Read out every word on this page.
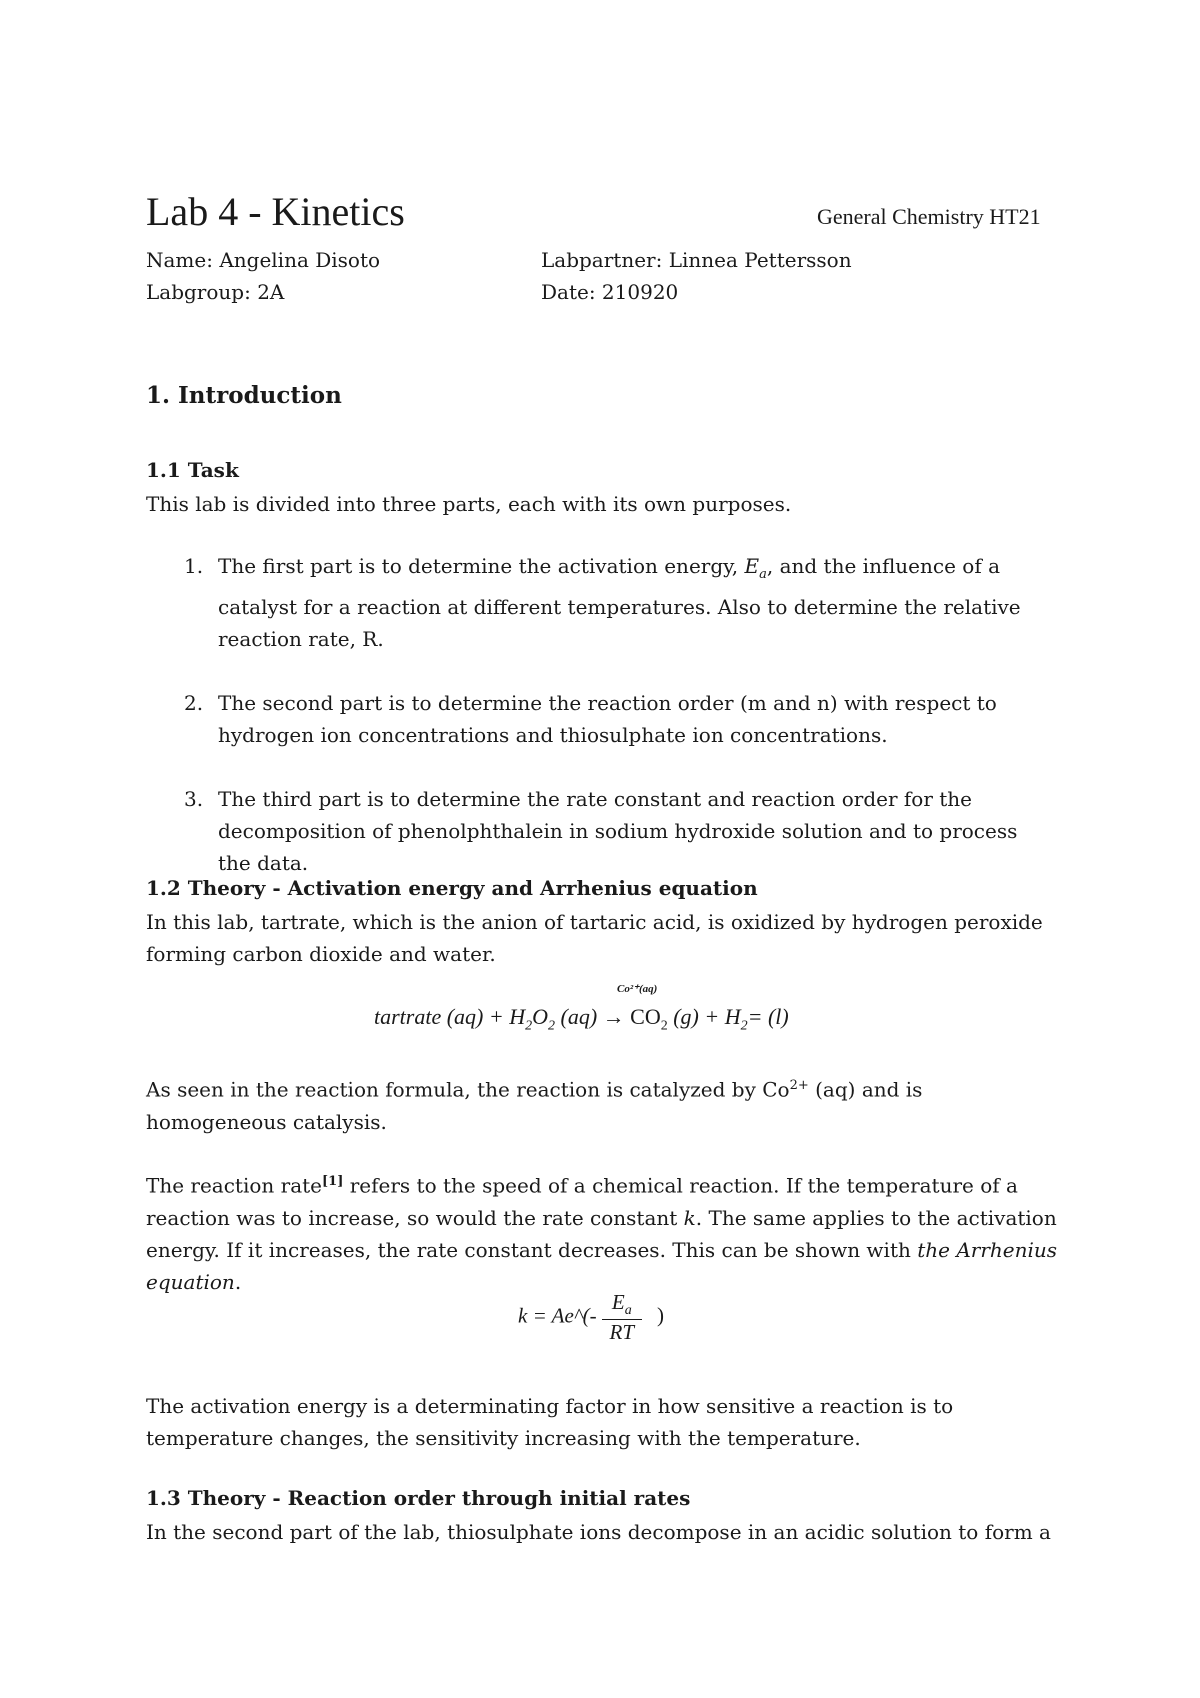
Lab 4 - Kinetics	General Chemistry HT21
Name: Angelina Disoto	Labpartner: Linnea Pettersson
Labgroup: 2A	Date: 210920
1. Introduction
1.1 Task
This lab is divided into three parts, each with its own purposes.
1. The first part is to determine the activation energy, $E_a$, and the influence of a catalyst for a reaction at different temperatures. Also to determine the relative reaction rate, R.
2. The second part is to determine the reaction order (m and n) with respect to hydrogen ion concentrations and thiosulphate ion concentrations.
3. The third part is to determine the rate constant and reaction order for the decomposition of phenolphthalein in sodium hydroxide solution and to process the data.
1.2 Theory - Activation energy and Arrhenius equation
In this lab, tartrate, which is the anion of tartaric acid, is oxidized by hydrogen peroxide forming carbon dioxide and water.
Co²⁺(aq)
tartrate $(aq) + H_2O_2$ $(aq) \to CO_2$ $(g) + H_2= (l)$
As seen in the reaction formula, the reaction is catalyzed by $Co^{2+}$ (aq) and is homogeneous catalysis.
The reaction rate[1] refers to the speed of a chemical reaction. If the temperature of a reaction was to increase, so would the rate constant k. The same applies to the activation energy. If it increases, the rate constant decreases. This can be shown with the Arrhenius equation.
k = Ae^(- $\frac{E_a}{RT}$ )
The activation energy is a determinating factor in how sensitive a reaction is to temperature changes, the sensitivity increasing with the temperature.
1.3 Theory - Reaction order through initial rates
In the second part of the lab, thiosulphate ions decompose in an acidic solution to form a
